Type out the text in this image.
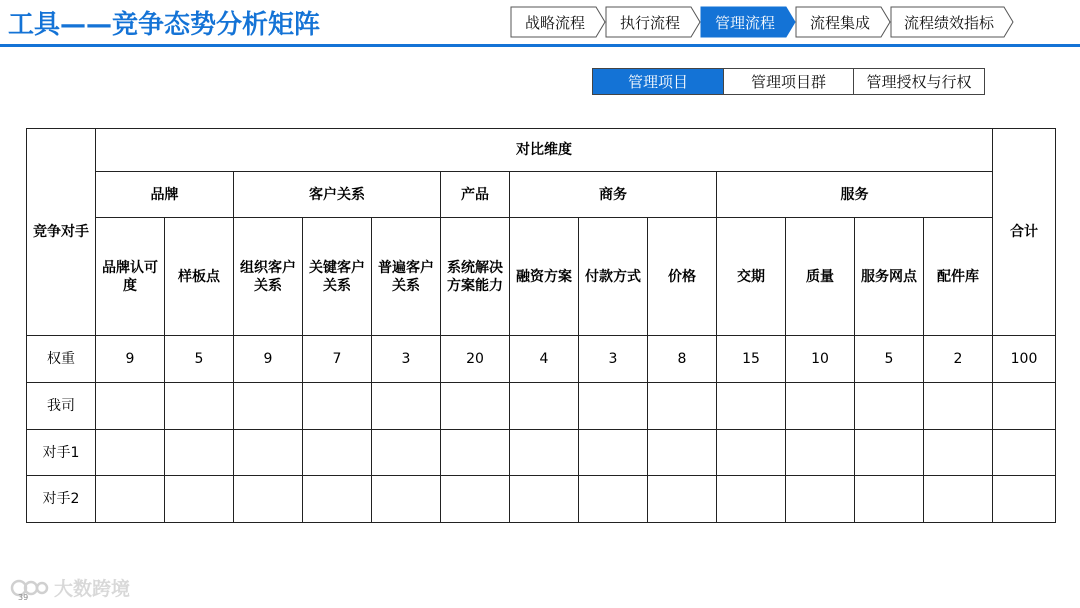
工具——竞争态势分析矩阵	战略流程	执行流程	管理流程	流程集成	流程绩效指标
管理项目	管理项目群	管理授权与行权
竞争对手	对比维度													合计
	品牌		客户关系			产品	商务			服务				
	品牌认可度	样板点	组织客户关系	关键客户关系	普遍客户关系	系统解决方案能力	融资方案	付款方式	价格	交期	质量	服务网点	配件库	
权重	9	5	9	7	3	20	4	3	8	15	10	5	2	100
我司														
对手1														
对手2														
大数跨境
39
